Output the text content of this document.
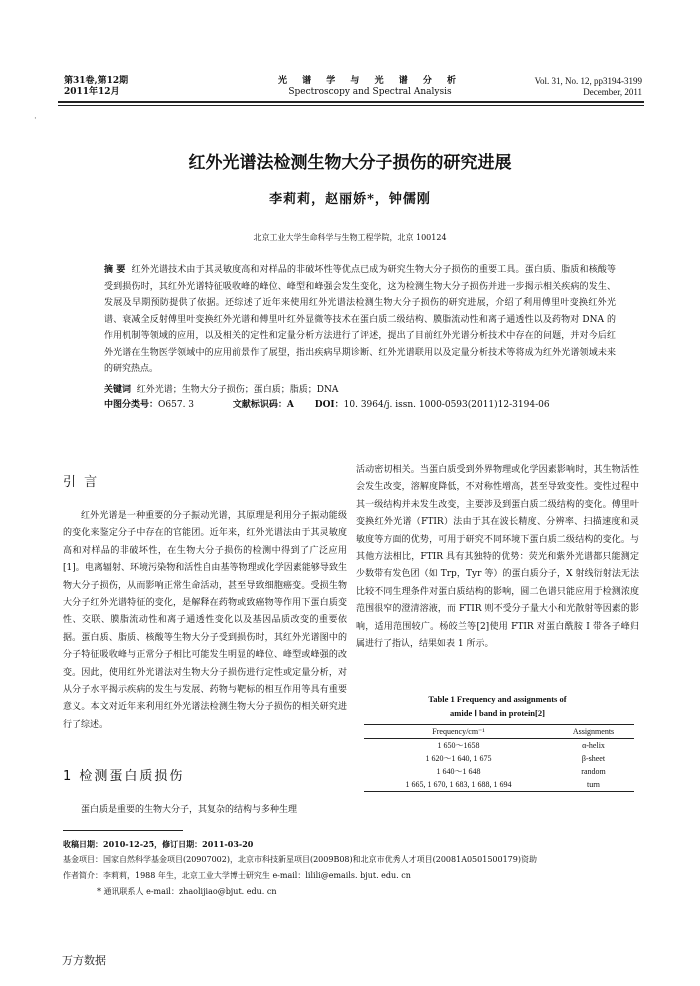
第31卷,第12期
2011年12月
光 谱 学 与 光 谱 分 析
Spectroscopy and Spectral Analysis
Vol. 31, No. 12, pp3194-3199
December, 2011
·
红外光谱法检测生物大分子损伤的研究进展
李莉莉，赵丽娇*，钟儒刚
北京工业大学生命科学与生物工程学院，北京 100124
摘 要 红外光谱技术由于其灵敏度高和对样品的非破坏性等优点已成为研究生物大分子损伤的重要工具。蛋白质、脂质和核酸等受到损伤时，其红外光谱特征吸收峰的峰位、峰型和峰强会发生变化，这为检测生物大分子损伤并进一步揭示相关疾病的发生、发展及早期预防提供了依据。还综述了近年来使用红外光谱法检测生物大分子损伤的研究进展，介绍了利用傅里叶变换红外光谱、衰减全反射傅里叶变换红外光谱和傅里叶红外显微等技术在蛋白质二级结构、膜脂流动性和离子通透性以及药物对 DNA 的作用机制等领域的应用，以及相关的定性和定量分析方法进行了评述，提出了目前红外光谱分析技术中存在的问题，并对今后红外光谱在生物医学领域中的应用前景作了展望，指出疾病早期诊断、红外光谱联用以及定量分析技术等将成为红外光谱领域未来的研究热点。
关键词 红外光谱；生物大分子损伤；蛋白质；脂质；DNA
中图分类号：O657. 3	文献标识码：A DOI：10. 3964/j. issn. 1000-0593(2011)12-3194-06
引 言
红外光谱是一种重要的分子振动光谱，其原理是利用分子振动能级的变化来鉴定分子中存在的官能团。近年来，红外光谱法由于其灵敏度高和对样品的非破坏性，在生物大分子损伤的检测中得到了广泛应用[1]。电离辐射、环境污染物和活性自由基等物理或化学因素能够导致生物大分子损伤，从而影响正常生命活动，甚至导致细胞癌变。受损生物大分子红外光谱特征的变化，是解释在药物或致癌物等作用下蛋白质变性、交联、膜脂流动性和离子通透性变化以及基因品质改变的重要依据。蛋白质、脂质、核酸等生物大分子受到损伤时，其红外光谱图中的分子特征吸收峰与正常分子相比可能发生明显的峰位、峰型或峰强的改变。因此，使用红外光谱法对生物大分子损伤进行定性或定量分析，对从分子水平揭示疾病的发生与发展、药物与靶标的相互作用等具有重要意义。本文对近年来利用红外光谱法检测生物大分子损伤的相关研究进行了综述。
1 检测蛋白质损伤
蛋白质是重要的生物大分子，其复杂的结构与多种生理
活动密切相关。当蛋白质受到外界物理或化学因素影响时，其生物活性会发生改变，溶解度降低，不对称性增高，甚至导致变性。变性过程中其一级结构并未发生改变，主要涉及到蛋白质二级结构的变化。傅里叶变换红外光谱（FTIR）法由于其在波长精度、分辨率、扫描速度和灵敏度等方面的优势，可用于研究不同环境下蛋白质二级结构的变化。与其他方法相比，FTIR 具有其独特的优势：荧光和紫外光谱都只能测定少数带有发色团（如 Trp，Tyr 等）的蛋白质分子，X 射线衍射法无法比较不同生理条件对蛋白质结构的影响，圆二色谱只能应用于检测浓度范围很窄的澄清溶液，而 FTIR 则不受分子量大小和光散射等因素的影响，适用范围较广。杨皎兰等[2]使用 FTIR 对蛋白酰胺 I 带各子峰归属进行了指认，结果如表 1 所示。
Table 1 Frequency and assignments of
amide Ⅰ band in protein[2]
Frequency/cm⁻¹	Assignments
1 650～1658	α-helix
1 620～1 640, 1 675	β-sheet
1 640～1 648	random
1 665, 1 670, 1 683, 1 688, 1 694	turn
收稿日期：2010-12-25，修订日期：2011-03-20
基金项目：国家自然科学基金项目(20907002)，北京市科技新星项目(2009B08)和北京市优秀人才项目(20081A0501500179)资助
作者简介：李莉莉，1988 年生，北京工业大学博士研究生 e-mail：lilili@emails. bjut. edu. cn
* 通讯联系人 e-mail：zhaolijiao@bjut. edu. cn
万方数据
